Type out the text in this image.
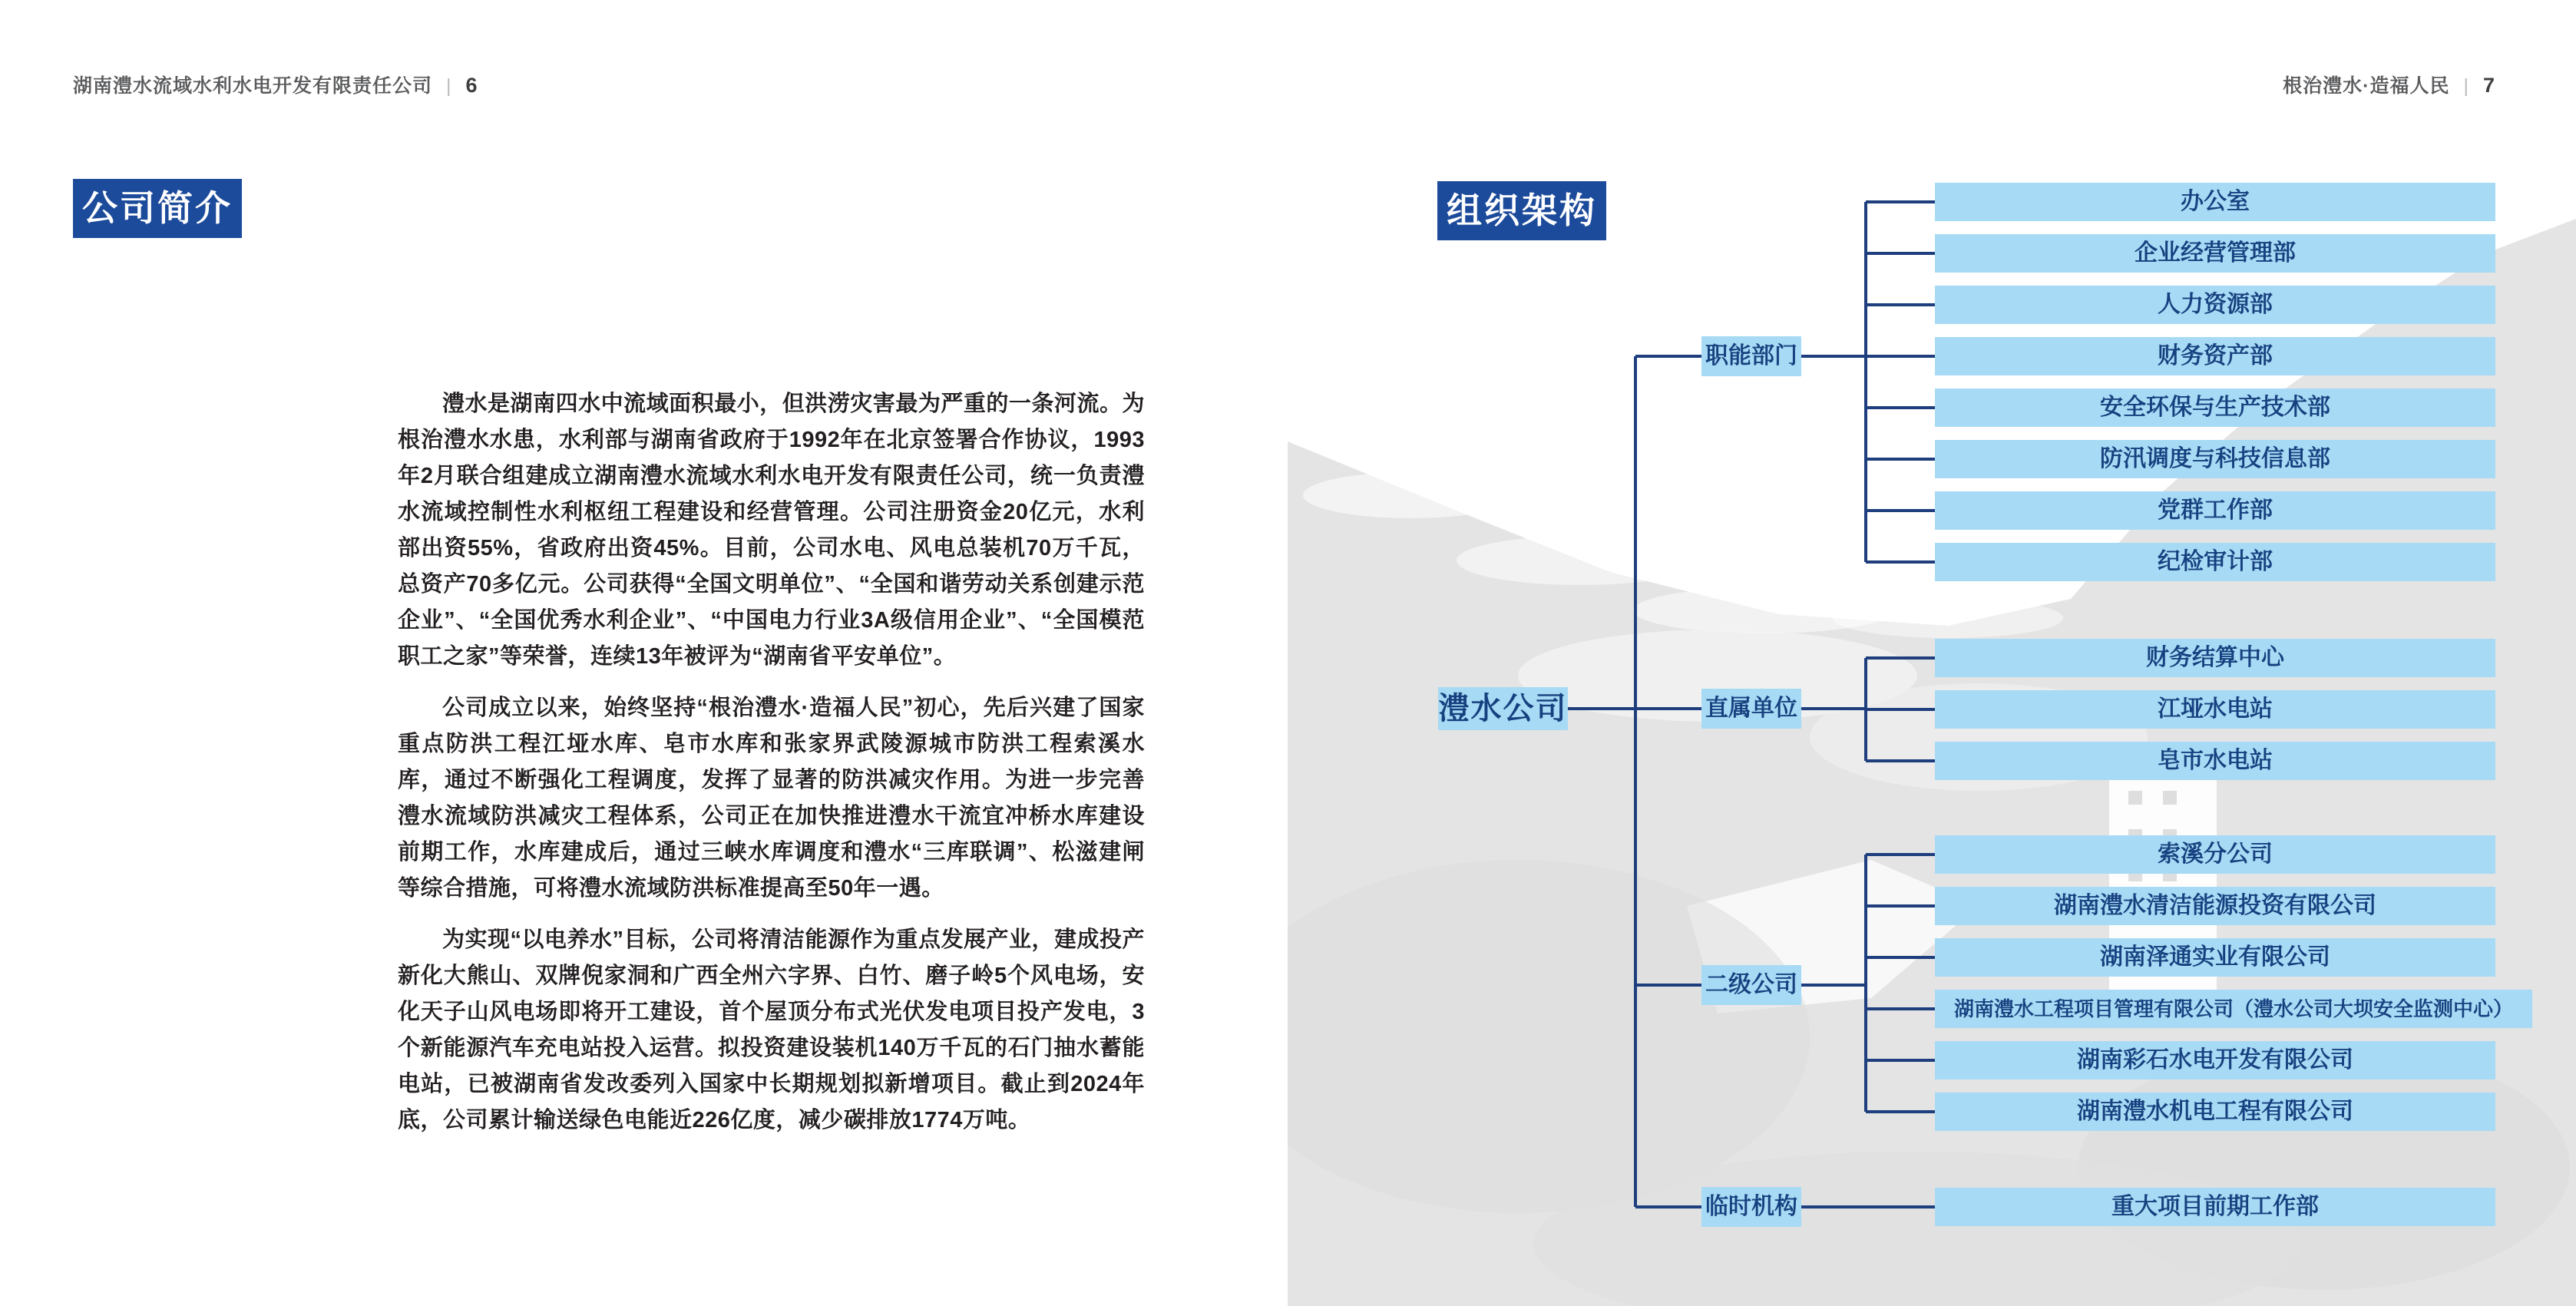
湖南澧水流域水利水电开发有限责任公司 | 6
公司简介

澧水是湖南四水中流域面积最小，但洪涝灾害最为严重的一条河流。为根治澧水水患，水利部与湖南省政府于1992年在北京签署合作协议，1993年2月联合组建成立湖南澧水流域水利水电开发有限责任公司，统一负责澧水流域控制性水利枢纽工程建设和经营管理。公司注册资金20亿元，水利部出资55%，省政府出资45%。目前，公司水电、风电总装机70万千瓦，总资产70多亿元。公司获得“全国文明单位”、“全国和谐劳动关系创建示范企业”、“全国优秀水利企业”、“中国电力行业3A级信用企业”、“全国模范职工之家”等荣誉，连续13年被评为“湖南省平安单位”。

公司成立以来，始终坚持“根治澧水·造福人民”初心，先后兴建了国家重点防洪工程江垭水库、皂市水库和张家界武陵源城市防洪工程索溪水库，通过不断强化工程调度，发挥了显著的防洪减灾作用。为进一步完善澧水流域防洪减灾工程体系，公司正在加快推进澧水干流宜冲桥水库建设前期工作，水库建成后，通过三峡水库调度和澧水“三库联调”、松滋建闸等综合措施，可将澧水流域防洪标准提高至50年一遇。

为实现“以电养水”目标，公司将清洁能源作为重点发展产业，建成投产新化大熊山、双牌倪家洞和广西全州六字界、白竹、磨子岭5个风电场，安化天子山风电场即将开工建设，首个屋顶分布式光伏发电项目投产发电，3个新能源汽车充电站投入运营。拟投资建设装机140万千瓦的石门抽水蓄能电站，已被湖南省发改委列入国家中长期规划拟新增项目。截止到2024年底，公司累计输送绿色电能近226亿度，减少碳排放1774万吨。

根治澧水·造福人民 | 7
组织架构
澧水公司
职能部门
办公室
企业经营管理部
人力资源部
财务资产部
安全环保与生产技术部
防汛调度与科技信息部
党群工作部
纪检审计部
直属单位
财务结算中心
江垭水电站
皂市水电站
二级公司
索溪分公司
湖南澧水清洁能源投资有限公司
湖南泽通实业有限公司
湖南澧水工程项目管理有限公司（澧水公司大坝安全监测中心）
湖南彩石水电开发有限公司
湖南澧水机电工程有限公司
临时机构	重大项目前期工作部
